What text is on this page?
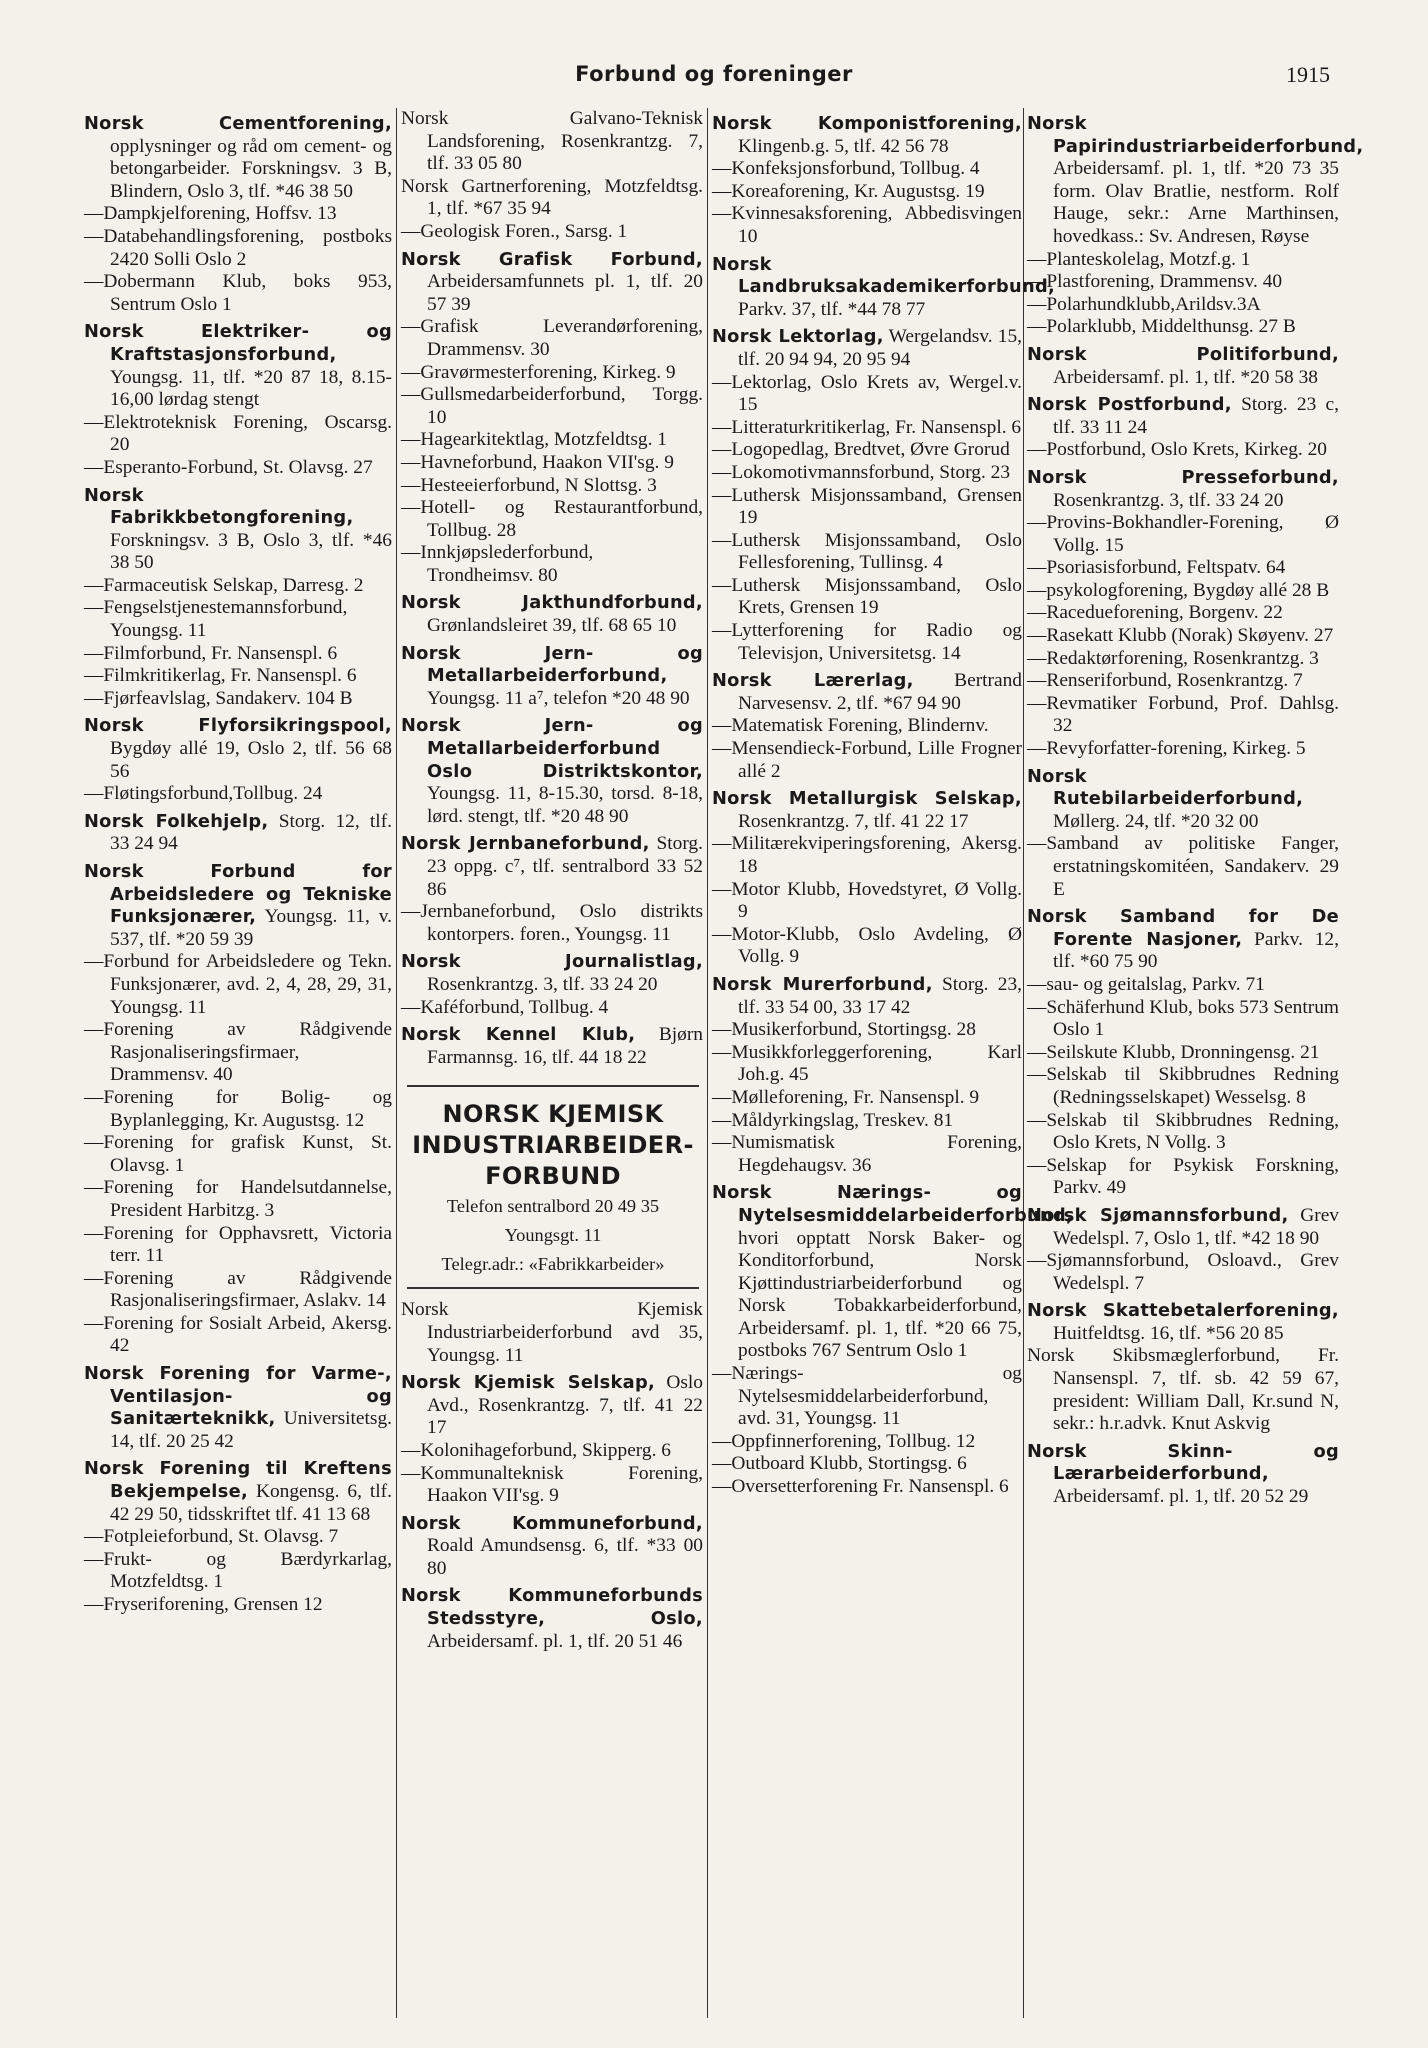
Forbund og foreninger	1915

Norsk Cementforening, opplysninger og råd om cement- og betongarbeider. Forskningsv. 3 B, Blindern, Oslo 3, tlf. *46 38 50

—Dampkjelforening, Hoffsv. 13

—Databehandlingsforening, postboks 2420 Solli Oslo 2

—Dobermann Klub, boks 953, Sentrum Oslo 1

Norsk Elektriker- og Kraftstasjonsforbund, Youngsg. 11, tlf. *20 87 18, 8.15-16,00 lørdag stengt

—Elektroteknisk Forening, Oscarsg. 20

—Esperanto-Forbund, St. Olavsg. 27

Norsk Fabrikkbetongforening, Forskningsv. 3 B, Oslo 3, tlf. *46 38 50

—Farmaceutisk Selskap, Darresg. 2

—Fengselstjenestemannsforbund, Youngsg. 11

—Filmforbund, Fr. Nansenspl. 6

—Filmkritikerlag, Fr. Nansenspl. 6

—Fjørfeavlslag, Sandakerv. 104 B

Norsk Flyforsikringspool, Bygdøy allé 19, Oslo 2, tlf. 56 68 56

—Fløtingsforbund,Tollbug. 24

Norsk Folkehjelp, Storg. 12, tlf. 33 24 94

Norsk Forbund for Arbeidsledere og Tekniske Funksjonærer, Youngsg. 11, v. 537, tlf. *20 59 39

—Forbund for Arbeidsledere og Tekn. Funksjonærer, avd. 2, 4, 28, 29, 31, Youngsg. 11

—Forening av Rådgivende Rasjonaliseringsfirmaer, Drammensv. 40

—Forening for Bolig- og Byplanlegging, Kr. Augustsg. 12

—Forening for grafisk Kunst, St. Olavsg. 1

—Forening for Handelsutdannelse, President Harbitzg. 3

—Forening for Opphavsrett, Victoria terr. 11

—Forening av Rådgivende Rasjonaliseringsfirmaer, Aslakv. 14

—Forening for Sosialt Arbeid, Akersg. 42

Norsk Forening for Varme-, Ventilasjon- og Sanitærteknikk, Universitetsg. 14, tlf. 20 25 42

Norsk Forening til Kreftens Bekjempelse, Kongensg. 6, tlf. 42 29 50, tidsskriftet tlf. 41 13 68

—Fotpleieforbund, St. Olavsg. 7

—Frukt- og Bærdyrkarlag, Motzfeldtsg. 1

—Fryseriforening, Grensen 12

Norsk Galvano-Teknisk Landsforening, Rosenkrantzg. 7, tlf. 33 05 80

Norsk Gartnerforening, Motzfeldtsg. 1, tlf. *67 35 94

—Geologisk Foren., Sarsg. 1

Norsk Grafisk Forbund, Arbeidersamfunnets pl. 1, tlf. 20 57 39

—Grafisk Leverandørforening, Drammensv. 30

—Gravørmesterforening, Kirkeg. 9

—Gullsmedarbeiderforbund, Torgg. 10

—Hagearkitektlag, Motzfeldtsg. 1

—Havneforbund, Haakon VII'sg. 9

—Hesteeierforbund, N Slottsg. 3

—Hotell- og Restaurantforbund, Tollbug. 28

—Innkjøpslederforbund, Trondheimsv. 80

Norsk Jakthundforbund, Grønlandsleiret 39, tlf. 68 65 10

Norsk Jern- og Metallarbeiderforbund, Youngsg. 11 a⁷, telefon *20 48 90

Norsk Jern- og Metallarbeiderforbund Oslo Distriktskontor, Youngsg. 11, 8-15.30, torsd. 8-18, lørd. stengt, tlf. *20 48 90

Norsk Jernbaneforbund, Storg. 23 oppg. c⁷, tlf. sentralbord 33 52 86

—Jernbaneforbund, Oslo distrikts kontorpers. foren., Youngsg. 11

Norsk Journalistlag, Rosenkrantzg. 3, tlf. 33 24 20

—Kaféforbund, Tollbug. 4

Norsk Kennel Klub, Bjørn Farmannsg. 16, tlf. 44 18 22

NORSK KJEMISK
INDUSTRIARBEIDER-
FORBUND
Telefon sentralbord 20 49 35
Youngsgt. 11
Telegr.adr.: «Fabrikkarbeider»

Norsk Kjemisk Industriarbeiderforbund avd 35, Youngsg. 11

Norsk Kjemisk Selskap, Oslo Avd., Rosenkrantzg. 7, tlf. 41 22 17

—Kolonihageforbund, Skipperg. 6

—Kommunalteknisk Forening, Haakon VII'sg. 9

Norsk Kommuneforbund, Roald Amundsensg. 6, tlf. *33 00 80

Norsk Kommuneforbunds Stedsstyre, Oslo, Arbeidersamf. pl. 1, tlf. 20 51 46

Norsk Komponistforening, Klingenb.g. 5, tlf. 42 56 78

—Konfeksjonsforbund, Tollbug. 4

—Koreaforening, Kr. Augustsg. 19

—Kvinnesaksforening, Abbedisvingen 10

Norsk Landbruksakademikerforbund, Parkv. 37, tlf. *44 78 77

Norsk Lektorlag, Wergelandsv. 15, tlf. 20 94 94, 20 95 94

—Lektorlag, Oslo Krets av, Wergel.v. 15

—Litteraturkritikerlag, Fr. Nansenspl. 6

—Logopedlag, Bredtvet, Øvre Grorud

—Lokomotivmannsforbund, Storg. 23

—Luthersk Misjonssamband, Grensen 19

—Luthersk Misjonssamband, Oslo Fellesforening, Tullinsg. 4

—Luthersk Misjonssamband, Oslo Krets, Grensen 19

—Lytterforening for Radio og Televisjon, Universitetsg. 14

Norsk Lærerlag, Bertrand Narvesensv. 2, tlf. *67 94 90

—Matematisk Forening, Blindernv.

—Mensendieck-Forbund, Lille Frogner allé 2

Norsk Metallurgisk Selskap, Rosenkrantzg. 7, tlf. 41 22 17

—Militærekviperingsforening, Akersg. 18

—Motor Klubb, Hovedstyret, Ø Vollg. 9

—Motor-Klubb, Oslo Avdeling, Ø Vollg. 9

Norsk Murerforbund, Storg. 23, tlf. 33 54 00, 33 17 42

—Musikerforbund, Stortingsg. 28

—Musikkforleggerforening, Karl Joh.g. 45

—Mølleforening, Fr. Nansenspl. 9

—Måldyrkingslag, Treskev. 81

—Numismatisk Forening, Hegdehaugsv. 36

Norsk Nærings- og Nytelsesmiddelarbeiderforbund, hvori opptatt Norsk Baker- og Konditorforbund, Norsk Kjøttindustriarbeiderforbund og Norsk Tobakkarbeiderforbund, Arbeidersamf. pl. 1, tlf. *20 66 75, postboks 767 Sentrum Oslo 1

—Nærings- og Nytelsesmiddelarbeiderforbund, avd. 31, Youngsg. 11

—Oppfinnerforening, Tollbug. 12

—Outboard Klubb, Stortingsg. 6

—Oversetterforening Fr. Nansenspl. 6

Norsk Papirindustriarbeiderforbund, Arbeidersamf. pl. 1, tlf. *20 73 35 form. Olav Bratlie, nestform. Rolf Hauge, sekr.: Arne Marthinsen, hovedkass.: Sv. Andresen, Røyse

—Planteskolelag, Motzf.g. 1

—Plastforening, Drammensv. 40

—Polarhundklubb,Arildsv.3A

—Polarklubb, Middelthunsg. 27 B

Norsk Politiforbund, Arbeidersamf. pl. 1, tlf. *20 58 38

Norsk Postforbund, Storg. 23 c, tlf. 33 11 24

—Postforbund, Oslo Krets, Kirkeg. 20

Norsk Presseforbund, Rosenkrantzg. 3, tlf. 33 24 20

—Provins-Bokhandler-Forening, Ø Vollg. 15

—Psoriasisforbund, Feltspatv. 64

—psykologforening, Bygdøy allé 28 B

—Racedueforening, Borgenv. 22

—Rasekatt Klubb (Norak) Skøyenv. 27

—Redaktørforening, Rosenkrantzg. 3

—Renseriforbund, Rosenkrantzg. 7

—Revmatiker Forbund, Prof. Dahlsg. 32

—Revyforfatter-forening, Kirkeg. 5

Norsk Rutebilarbeiderforbund, Møllerg. 24, tlf. *20 32 00

—Samband av politiske Fanger, erstatningskomitéen, Sandakerv. 29 E

Norsk Samband for De Forente Nasjoner, Parkv. 12, tlf. *60 75 90

—sau- og geitalslag, Parkv. 71

—Schäferhund Klub, boks 573 Sentrum Oslo 1

—Seilskute Klubb, Dronningensg. 21

—Selskab til Skibbrudnes Redning (Redningsselskapet) Wesselsg. 8

—Selskab til Skibbrudnes Redning, Oslo Krets, N Vollg. 3

—Selskap for Psykisk Forskning, Parkv. 49

Norsk Sjømannsforbund, Grev Wedelspl. 7, Oslo 1, tlf. *42 18 90

—Sjømannsforbund, Osloavd., Grev Wedelspl. 7

Norsk Skattebetalerforening, Huitfeldtsg. 16, tlf. *56 20 85

Norsk Skibsmæglerforbund, Fr. Nansenspl. 7, tlf. sb. 42 59 67, president: William Dall, Kr.sund N, sekr.: h.r.advk. Knut Askvig

Norsk Skinn- og Lærarbeiderforbund, Arbeidersamf. pl. 1, tlf. 20 52 29
